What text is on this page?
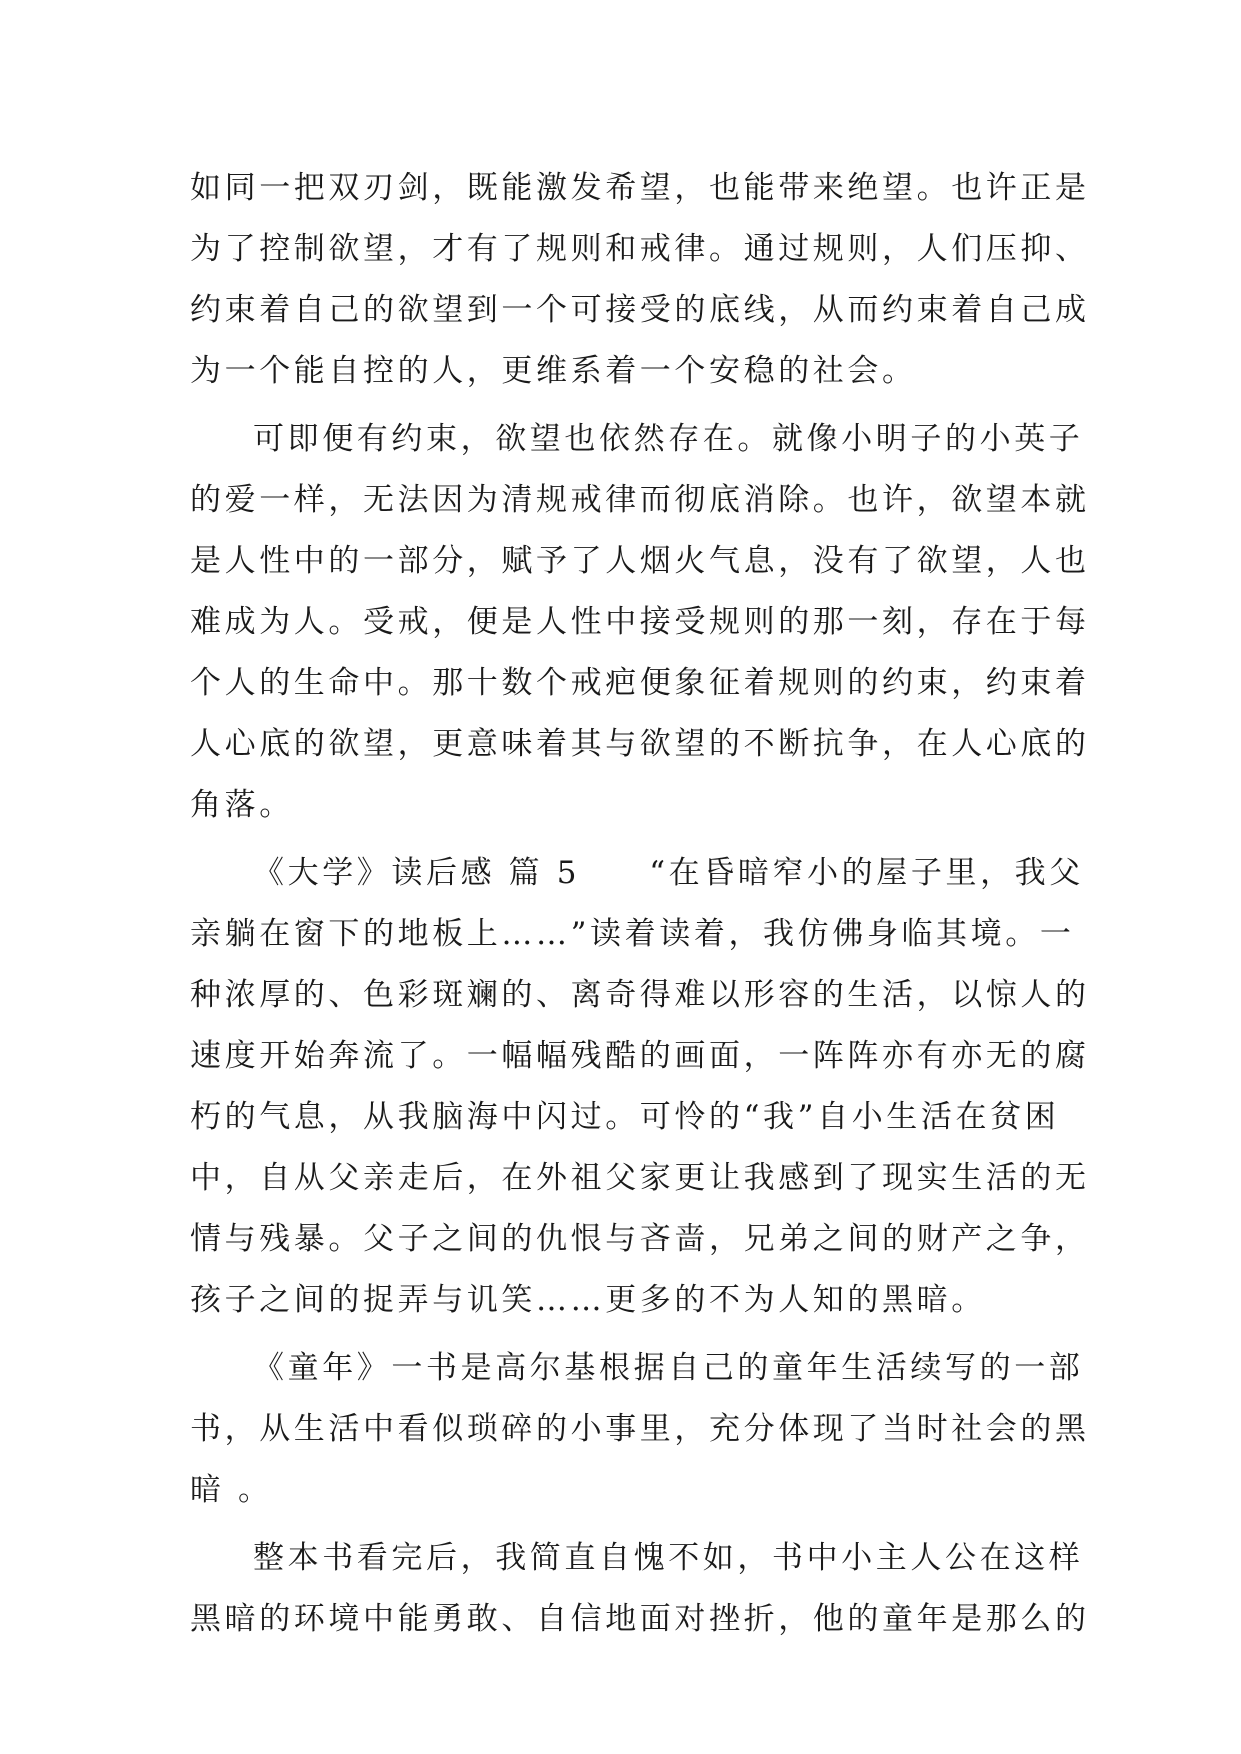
如同一把双刃剑，既能激发希望，也能带来绝望。也许正是
为了控制欲望，才有了规则和戒律。通过规则，人们压抑、
约束着自己的欲望到一个可接受的底线，从而约束着自己成
为一个能自控的人，更维系着一个安稳的社会。
可即便有约束，欲望也依然存在。就像小明子的小英子
的爱一样，无法因为清规戒律而彻底消除。也许，欲望本就
是人性中的一部分，赋予了人烟火气息，没有了欲望，人也
难成为人。受戒，便是人性中接受规则的那一刻，存在于每
个人的生命中。那十数个戒疤便象征着规则的约束，约束着
人心底的欲望，更意味着其与欲望的不断抗争，在人心底的
角落。
《大学》读后感 篇 5　　“在昏暗窄小的屋子里，我父
亲躺在窗下的地板上……”读着读着，我仿佛身临其境。一
种浓厚的、色彩斑斓的、离奇得难以形容的生活，以惊人的
速度开始奔流了。一幅幅残酷的画面，一阵阵亦有亦无的腐
朽的气息，从我脑海中闪过。可怜的“我”自小生活在贫困
中，自从父亲走后，在外祖父家更让我感到了现实生活的无
情与残暴。父子之间的仇恨与吝啬，兄弟之间的财产之争，
孩子之间的捉弄与讥笑……更多的不为人知的黑暗。
《童年》一书是高尔基根据自己的童年生活续写的一部
书，从生活中看似琐碎的小事里，充分体现了当时社会的黑
暗 。
整本书看完后，我简直自愧不如，书中小主人公在这样
黑暗的环境中能勇敢、自信地面对挫折，他的童年是那么的
